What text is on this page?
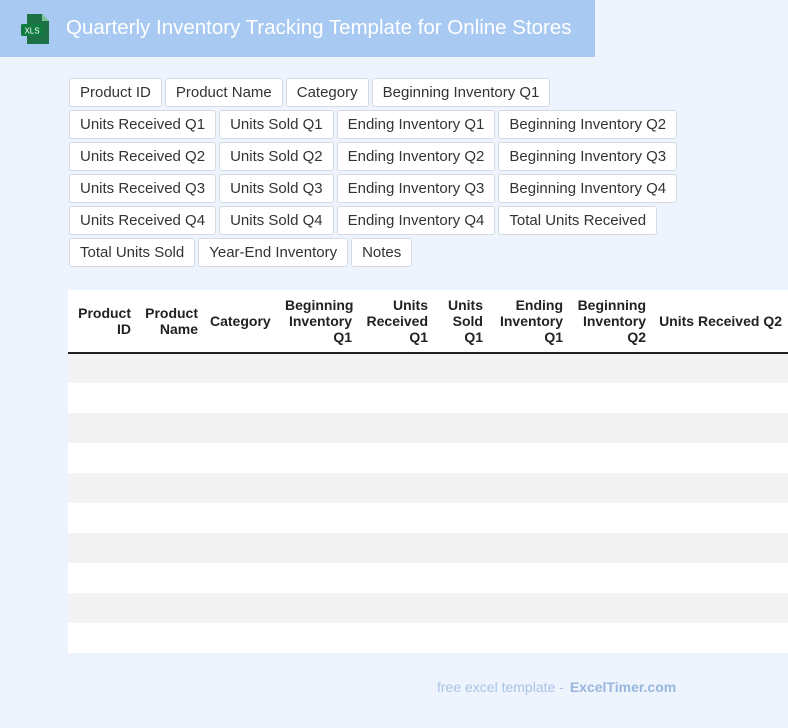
XLS Quarterly Inventory Tracking Template for Online Stores
Product ID	Product Name	Category	Beginning Inventory Q1
Units Received Q1	Units Sold Q1	Ending Inventory Q1	Beginning Inventory Q2
Units Received Q2	Units Sold Q2	Ending Inventory Q2	Beginning Inventory Q3
Units Received Q3	Units Sold Q3	Ending Inventory Q3	Beginning Inventory Q4
Units Received Q4	Units Sold Q4	Ending Inventory Q4	Total Units Received
Total Units Sold	Year-End Inventory	Notes
Product ID	Product Name	Category	Beginning Inventory Q1	Units Received Q1	Units Sold Q1	Ending Inventory Q1	Beginning Inventory Q2	Units Received Q2

free excel template - ExcelTimer.com
